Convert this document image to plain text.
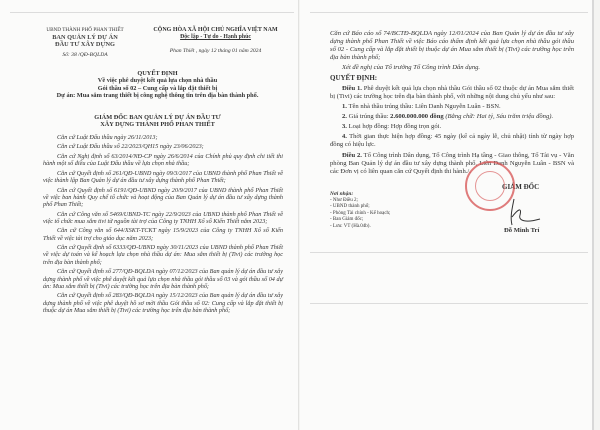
UBND THÀNH PHỐ PHAN THIẾT
BAN QUẢN LÝ DỰ ÁN
ĐẦU TƯ XÂY DỰNG
Số: 38 /QĐ-BQLDA
CỘNG HÒA XÃ HỘI CHỦ NGHĨA VIỆT NAM
Độc lập - Tự do - Hạnh phúc
Phan Thiết , ngày 12 tháng 01 năm 2024
QUYẾT ĐỊNH
Về việc phê duyệt kết quả lựa chọn nhà thầu
Gói thầu số 02 – Cung cấp và lắp đặt thiết bị
Dự án: Mua sắm trang thiết bị công nghệ thông tin trên địa bàn thành phố.
GIÁM ĐỐC BAN QUẢN LÝ DỰ ÁN ĐẦU TƯ
XÂY DỰNG THÀNH PHỐ PHAN THIẾT

Căn cứ Luật Đấu thầu ngày 26/11/2013;

Căn cứ Luật Đấu thầu số 22/2023/QH15 ngày 23/06/2023;

Căn cứ Nghị định số 63/2014/NĐ-CP ngày 26/6/2014 của Chính phủ quy định chi tiết thi hành một số điều của Luật Đấu thầu về lựa chọn nhà thầu;

Căn cứ Quyết định số 261/QĐ-UBND ngày 09/3/2017 của UBND thành phố Phan Thiết về việc thành lập Ban Quản lý dự án đầu tư xây dựng thành phố Phan Thiết;

Căn cứ Quyết định số 6191/QĐ-UBND ngày 20/9/2017 của UBND thành phố Phan Thiết về việc ban hành Quy chế tổ chức và hoạt động của Ban Quản lý dự án đầu tư xây dựng thành phố Phan Thiết;

Căn cứ Công văn số 5469/UBND-TC ngày 22/9/2023 của UBND thành phố Phan Thiết về việc tổ chức mua sắm tivi từ nguồn tài trợ của Công ty TNHH Xổ số Kiến Thiết năm 2023;

Căn cứ Công văn số 644/XSKT-TCKT ngày 15/9/2023 của Công ty TNHH Xổ số Kiến Thiết về việc tài trợ cho giáo dục năm 2023;

Căn cứ Quyết định số 6333/QĐ-UBND ngày 30/11/2023 của UBND thành phố Phan Thiết về việc dự toán và kế hoạch lựa chọn nhà thầu dự án: Mua sắm thiết bị (Tivi) các trường học trên địa bàn thành phố;

Căn cứ Quyết định số 277/QĐ-BQLDA ngày 07/12/2023 của Ban quản lý dự án đầu tư xây dựng thành phố về việc phê duyệt kết quả lựa chọn nhà thầu gói thầu số 03 và gói thầu số 04 dự án: Mua sắm thiết bị (Tivi) các trường học trên địa bàn thành phố;

Căn cứ Quyết định số 283/QĐ-BQLDA ngày 15/12/2023 của Ban quản lý dự án đầu tư xây dựng thành phố về việc phê duyệt hồ sơ mời thầu Gói thầu số 02: Cung cấp và lắp đặt thiết bị thuộc dự án Mua sắm thiết bị (Tivi) các trường học trên địa bàn thành phố;

Căn cứ Báo cáo số 74/BCTĐ-BQLDA ngày 12/01/2024 của Ban Quản lý dự án đầu tư xây dựng thành phố Phan Thiết về việc Báo cáo thẩm định kết quả lựa chọn nhà thầu gói thầu số 02 - Cung cấp và lắp đặt thiết bị thuộc dự án Mua sắm thiết bị (Tivi) các trường học trên địa bàn thành phố;

Xét đề nghị của Tổ trưởng Tổ Công trình Dân dụng.

QUYẾT ĐỊNH:

Điều 1. Phê duyệt kết quả lựa chọn nhà thầu Gói thầu số 02 thuộc dự án Mua sắm thiết bị (Tivi) các trường học trên địa bàn thành phố, với những nội dung chủ yếu như sau:

1. Tên nhà thầu trúng thầu: Liên Danh Nguyễn Luân - BSN.

2. Giá trúng thầu: 2.600.000.000 đồng (Bằng chữ: Hai tỷ, Sáu trăm triệu đồng).

3. Loại hợp đồng: Hợp đồng trọn gói.

4. Thời gian thực hiện hợp đồng: 45 ngày (kể cả ngày lễ, chủ nhật) tính từ ngày hợp đồng có hiệu lực.

Điều 2. Tổ Công trình Dân dụng, Tổ Công trình Hạ tầng - Giao thông, Tổ Tài vụ - Văn phòng Ban Quản lý dự án đầu tư xây dựng thành phố, Liên Danh Nguyễn Luân - BSN và các Đơn vị có liên quan căn cứ Quyết định thi hành./.

Nơi nhận:
- Như Điều 2;
- UBND thành phố;
- Phòng Tài chính - Kế hoạch;
- Ban Giám đốc;
- Lưu: VT (Hà.04b).
GIÁM ĐỐC
Đỗ Minh Trí
